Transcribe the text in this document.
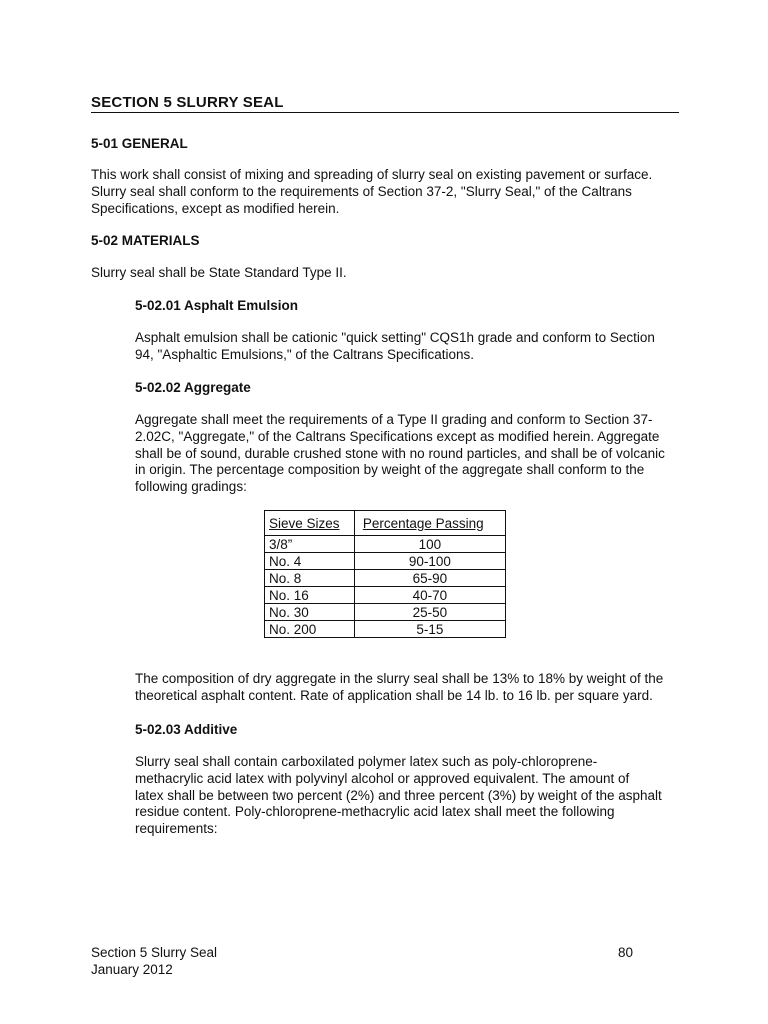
SECTION 5 SLURRY SEAL
5-01 GENERAL
This work shall consist of mixing and spreading of slurry seal on existing pavement or surface.
Slurry seal shall conform to the requirements of Section 37-2, "Slurry Seal," of the Caltrans
Specifications, except as modified herein.
5-02 MATERIALS
Slurry seal shall be State Standard Type II.
5-02.01 Asphalt Emulsion
Asphalt emulsion shall be cationic "quick setting" CQS1h grade and conform to Section
94, "Asphaltic Emulsions," of the Caltrans Specifications.
5-02.02 Aggregate
Aggregate shall meet the requirements of a Type II grading and conform to Section 37-
2.02C, "Aggregate," of the Caltrans Specifications except as modified herein. Aggregate
shall be of sound, durable crushed stone with no round particles, and shall be of volcanic
in origin. The percentage composition by weight of the aggregate shall conform to the
following gradings:
Sieve Sizes	Percentage Passing
3/8”	100
No. 4	90-100
No. 8	65-90
No. 16	40-70
No. 30	25-50
No. 200	5-15
The composition of dry aggregate in the slurry seal shall be 13% to 18% by weight of the
theoretical asphalt content. Rate of application shall be 14 lb. to 16 lb. per square yard.
5-02.03 Additive
Slurry seal shall contain carboxilated polymer latex such as poly-chloroprene-
methacrylic acid latex with polyvinyl alcohol or approved equivalent. The amount of
latex shall be between two percent (2%) and three percent (3%) by weight of the asphalt
residue content. Poly-chloroprene-methacrylic acid latex shall meet the following
requirements:
Section 5 Slurry Seal
January 2012
80
